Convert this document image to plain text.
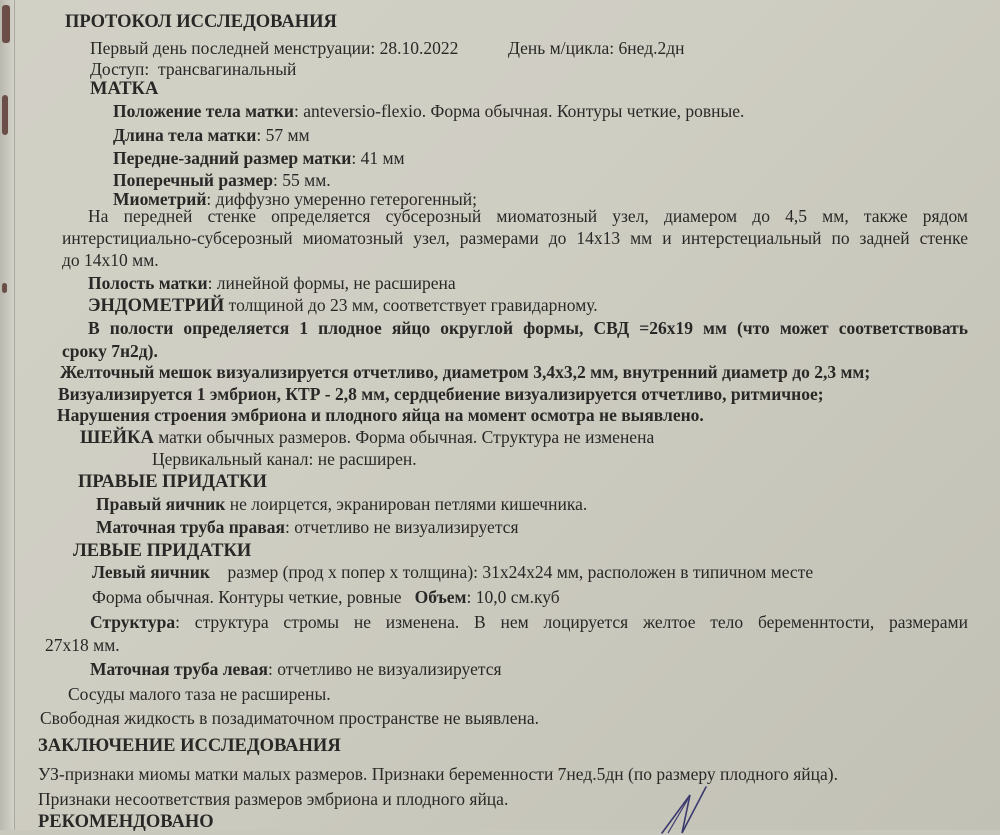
ПРОТОКОЛ ИССЛЕДОВАНИЯ
Первый день последней менструации: 28.10.2022	День м/цикла: 6нед.2дн
Доступ: трансвагинальный
МАТКА
Положение тела матки: anteversio-flexio. Форма обычная. Контуры четкие, ровные.
Длина тела матки: 57 мм
Передне-задний размер матки: 41 мм
Поперечный размер: 55 мм.
Миометрий: диффузно умеренно гетерогенный;
На передней стенке определяется субсерозный миоматозный узел, диамером до 4,5 мм, также рядом
интерстициально-субсерозный миоматозный узел, размерами до 14х13 мм и интерстециальный по задней стенке
до 14х10 мм.
Полость матки: линейной формы, не расширена
ЭНДОМЕТРИЙ толщиной до 23 мм, соответствует гравидарному.
В полости определяется 1 плодное яйцо округлой формы, СВД =26х19 мм (что может соответствовать
сроку 7н2д).
Желточный мешок визуализируется отчетливо, диаметром 3,4х3,2 мм, внутренний диаметр до 2,3 мм;
Визуализируется 1 эмбрион, КТР - 2,8 мм, сердцебиение визуализируется отчетливо, ритмичное;
Нарушения строения эмбриона и плодного яйца на момент осмотра не выявлено.
ШЕЙКА матки обычных размеров. Форма обычная. Структура не изменена
Цервикальный канал: не расширен.
ПРАВЫЕ ПРИДАТКИ
Правый яичник не лоирцется, экранирован петлями кишечника.
Маточная труба правая: отчетливо не визуализируется
ЛЕВЫЕ ПРИДАТКИ
Левый яичник размер (прод х попер х толщина): 31х24х24 мм, расположен в типичном месте
Форма обычная. Контуры четкие, ровные Объем: 10,0 см.куб
Структура: структура стромы не изменена. В нем лоцируется желтое тело беременнтости, размерами
27х18 мм.
Маточная труба левая: отчетливо не визуализируется
Сосуды малого таза не расширены.
Свободная жидкость в позадиматочном пространстве не выявлена.
ЗАКЛЮЧЕНИЕ ИССЛЕДОВАНИЯ
УЗ-признаки миомы матки малых размеров. Признаки беременности 7нед.5дн (по размеру плодного яйца).
Признаки несоответствия размеров эмбриона и плодного яйца.
РЕКОМЕНДОВАНО
